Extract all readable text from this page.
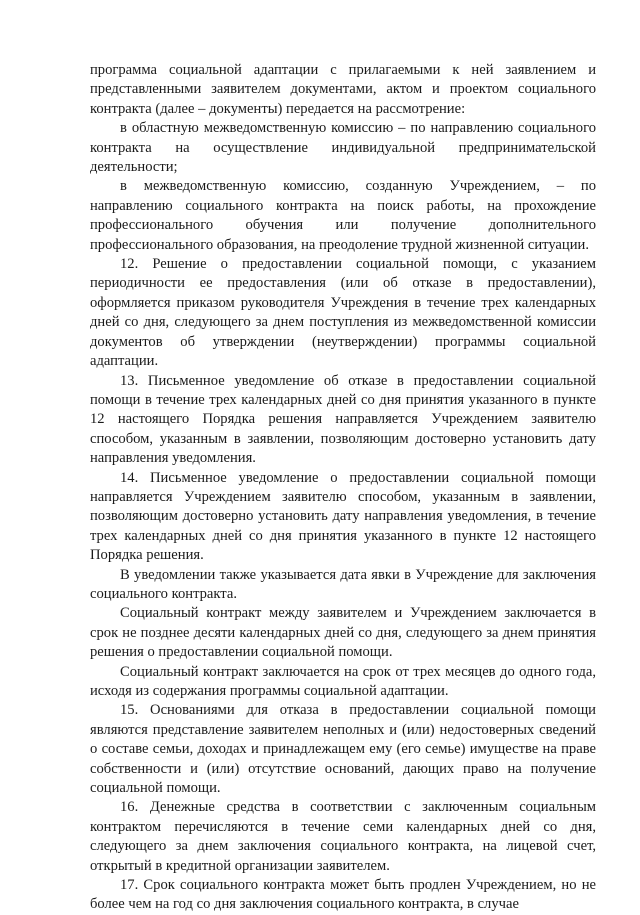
программа социальной адаптации с прилагаемыми к ней заявлением и представленными заявителем документами, актом и проектом социального контракта (далее – документы) передается на рассмотрение:

в областную межведомственную комиссию – по направлению социального контракта на осуществление индивидуальной предпринимательской деятельности;

в межведомственную комиссию, созданную Учреждением, – по направлению социального контракта на поиск работы, на прохождение профессионального обучения или получение дополнительного профессионального образования, на преодоление трудной жизненной ситуации.

12. Решение о предоставлении социальной помощи, с указанием периодичности ее предоставления (или об отказе в предоставлении), оформляется приказом руководителя Учреждения в течение трех календарных дней со дня, следующего за днем поступления из межведомственной комиссии документов об утверждении (неутверждении) программы социальной адаптации.

13. Письменное уведомление об отказе в предоставлении социальной помощи в течение трех календарных дней со дня принятия указанного в пункте 12 настоящего Порядка решения направляется Учреждением заявителю способом, указанным в заявлении, позволяющим достоверно установить дату направления уведомления.

14. Письменное уведомление о предоставлении социальной помощи направляется Учреждением заявителю способом, указанным в заявлении, позволяющим достоверно установить дату направления уведомления, в течение трех календарных дней со дня принятия указанного в пункте 12 настоящего Порядка решения.

В уведомлении также указывается дата явки в Учреждение для заключения социального контракта.

Социальный контракт между заявителем и Учреждением заключается в срок не позднее десяти календарных дней со дня, следующего за днем принятия решения о предоставлении социальной помощи.

Социальный контракт заключается на срок от трех месяцев до одного года, исходя из содержания программы социальной адаптации.

15. Основаниями для отказа в предоставлении социальной помощи являются представление заявителем неполных и (или) недостоверных сведений о составе семьи, доходах и принадлежащем ему (его семье) имуществе на праве собственности и (или) отсутствие оснований, дающих право на получение социальной помощи.

16. Денежные средства в соответствии с заключенным социальным контрактом перечисляются в течение семи календарных дней со дня, следующего за днем заключения социального контракта, на лицевой счет, открытый в кредитной организации заявителем.

17. Срок социального контракта может быть продлен Учреждением, но не более чем на год со дня заключения социального контракта, в случае
